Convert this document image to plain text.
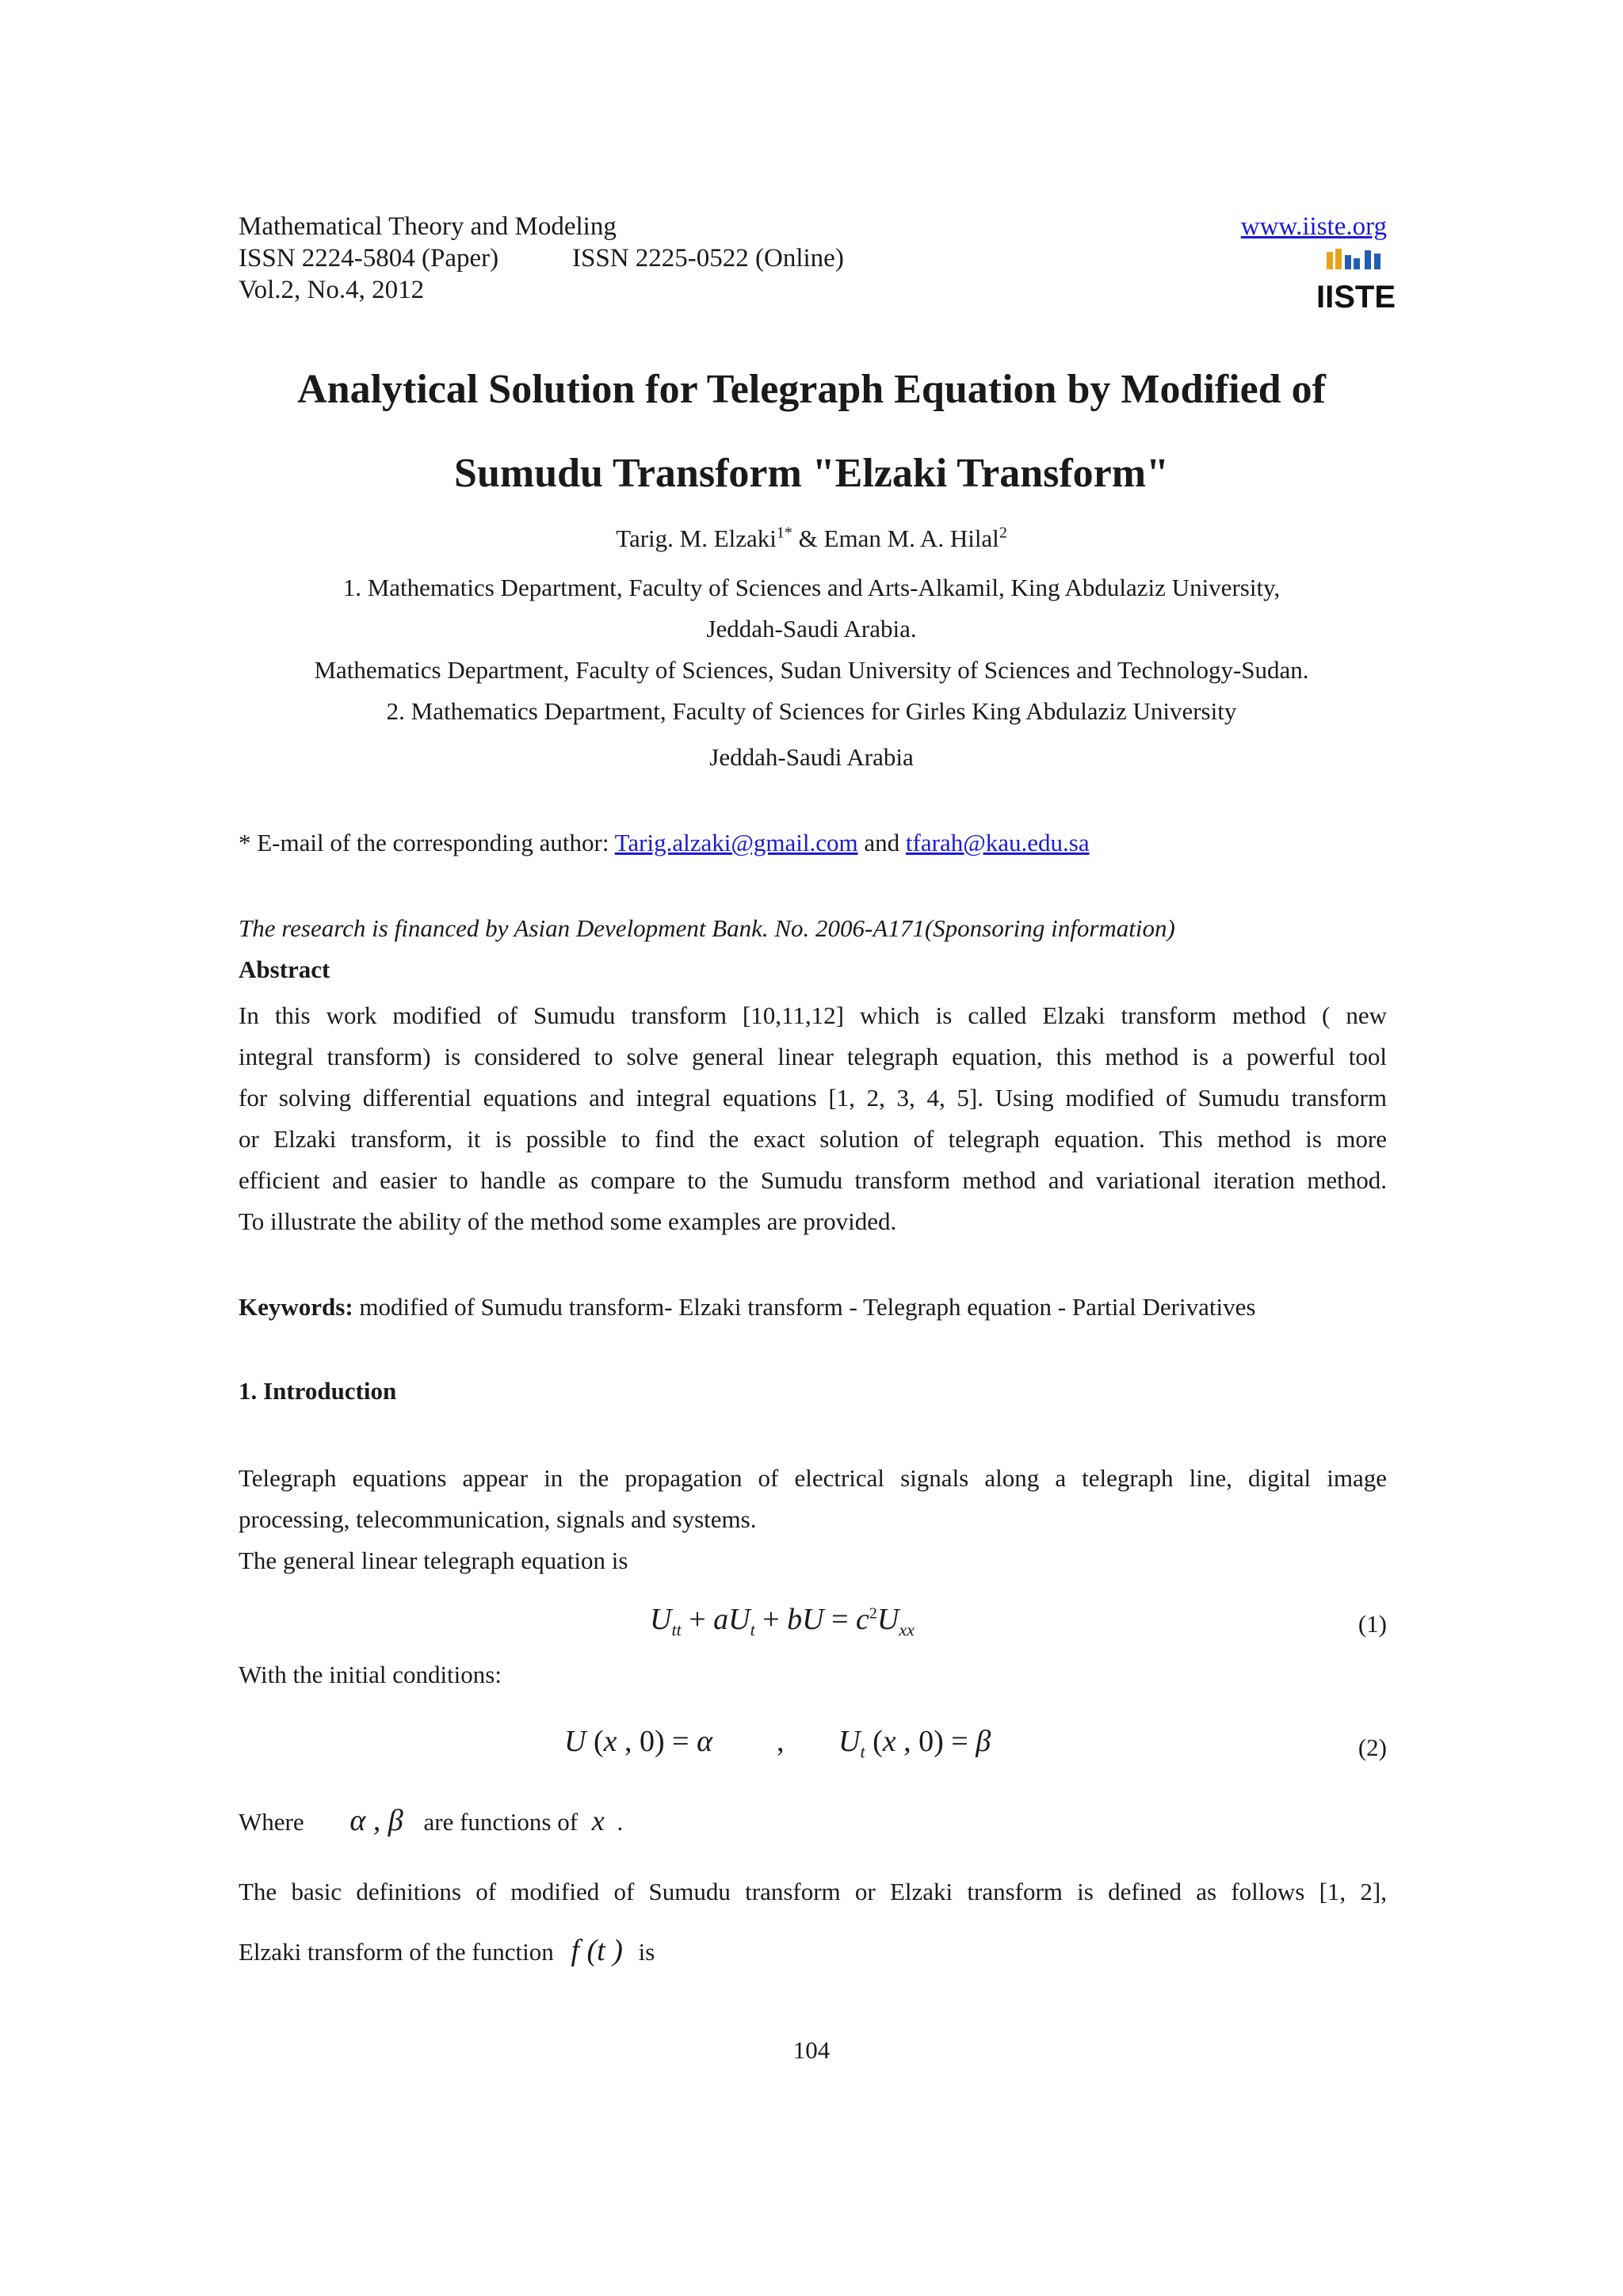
Mathematical Theory and Modeling
ISSN 2224-5804 (Paper)	ISSN 2225-0522 (Online)
Vol.2, No.4, 2012
www.iiste.org
IISTE
Analytical Solution for Telegraph Equation by Modified of
Sumudu Transform "Elzaki Transform"
Tarig. M. Elzaki$^{1*}$ & Eman M. A. Hilal$^2$
1. Mathematics Department, Faculty of Sciences and Arts-Alkamil, King Abdulaziz University,
Jeddah-Saudi Arabia.
Mathematics Department, Faculty of Sciences, Sudan University of Sciences and Technology-Sudan.
2. Mathematics Department, Faculty of Sciences for Girles King Abdulaziz University
Jeddah-Saudi Arabia
* E-mail of the corresponding author: Tarig.alzaki@gmail.com and tfarah@kau.edu.sa
The research is financed by Asian Development Bank. No. 2006-A171(Sponsoring information)
Abstract
In this work modified of Sumudu transform [10,11,12] which is called Elzaki transform method ( new
integral transform) is considered to solve general linear telegraph equation, this method is a powerful tool
for solving differential equations and integral equations [1, 2, 3, 4, 5]. Using modified of Sumudu transform
or Elzaki transform, it is possible to find the exact solution of telegraph equation. This method is more
efficient and easier to handle as compare to the Sumudu transform method and variational iteration method.
To illustrate the ability of the method some examples are provided.
Keywords: modified of Sumudu transform- Elzaki transform - Telegraph equation - Partial Derivatives
1. Introduction
Telegraph equations appear in the propagation of electrical signals along a telegraph line, digital image
processing, telecommunication, signals and systems.
The general linear telegraph equation is
$U_{tt} + aU_t$ + bU = $c^2U_{xx}$	(1)
With the initial conditions:
U (x , 0) = α , $U_t$ (x , 0) = β	(2)
Where α , β are functions of x .
The basic definitions of modified of Sumudu transform or Elzaki transform is defined as follows [1, 2],
Elzaki transform of the function f (t ) is
104
